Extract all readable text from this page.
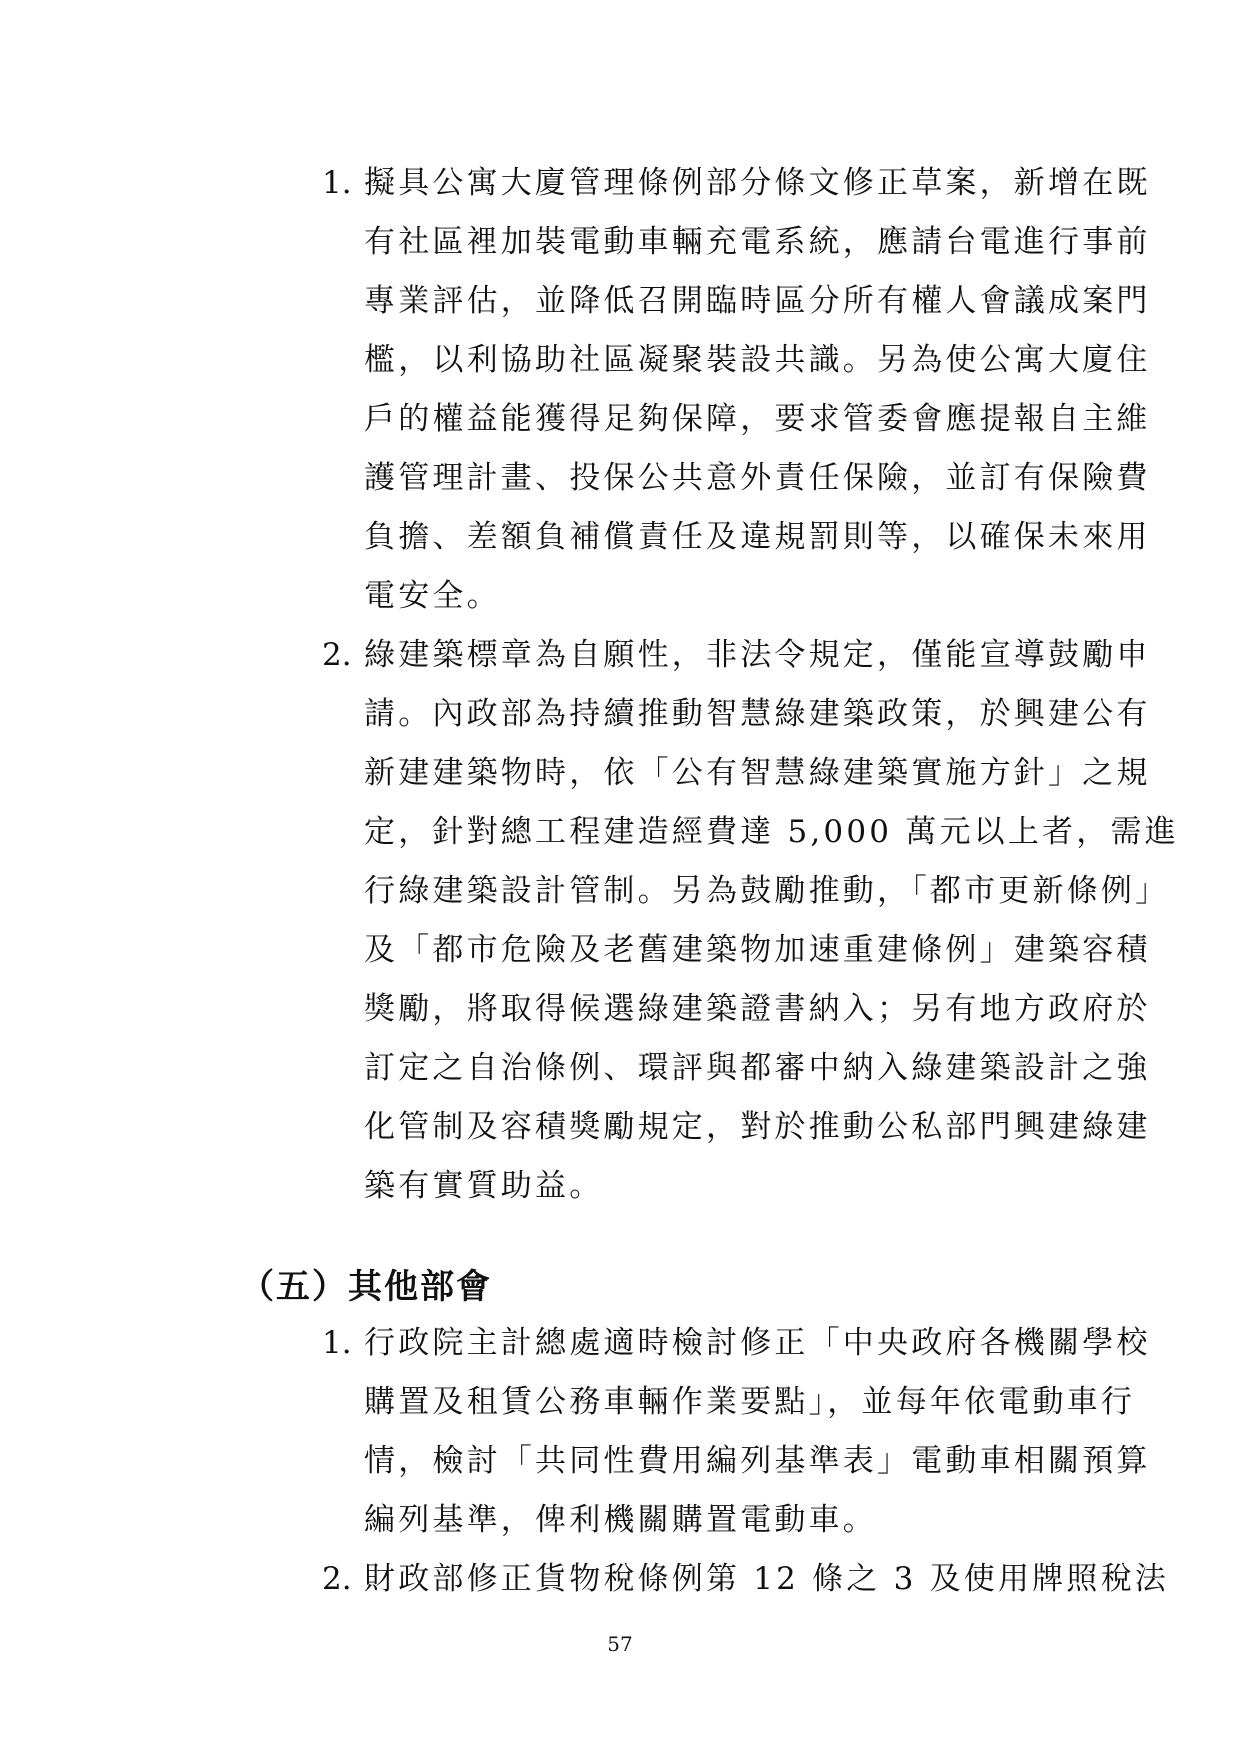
1. 擬具公寓大廈管理條例部分條文修正草案，新增在既
有社區裡加裝電動車輛充電系統，應請台電進行事前
專業評估，並降低召開臨時區分所有權人會議成案門
檻，以利協助社區凝聚裝設共識。另為使公寓大廈住
戶的權益能獲得足夠保障，要求管委會應提報自主維
護管理計畫、投保公共意外責任保險，並訂有保險費
負擔、差額負補償責任及違規罰則等，以確保未來用
電安全。
2. 綠建築標章為自願性，非法令規定，僅能宣導鼓勵申
請。內政部為持續推動智慧綠建築政策，於興建公有
新建建築物時，依「公有智慧綠建築實施方針」之規
定，針對總工程建造經費達 5,000 萬元以上者，需進
行綠建築設計管制。另為鼓勵推動，「都市更新條例」
及「都市危險及老舊建築物加速重建條例」建築容積
獎勵，將取得候選綠建築證書納入；另有地方政府於
訂定之自治條例、環評與都審中納入綠建築設計之強
化管制及容積獎勵規定，對於推動公私部門興建綠建
築有實質助益。
（五）其他部會
1. 行政院主計總處適時檢討修正「中央政府各機關學校
購置及租賃公務車輛作業要點」，並每年依電動車行
情，檢討「共同性費用編列基準表」電動車相關預算
編列基準，俾利機關購置電動車。
2. 財政部修正貨物稅條例第 12 條之 3 及使用牌照稅法
57
